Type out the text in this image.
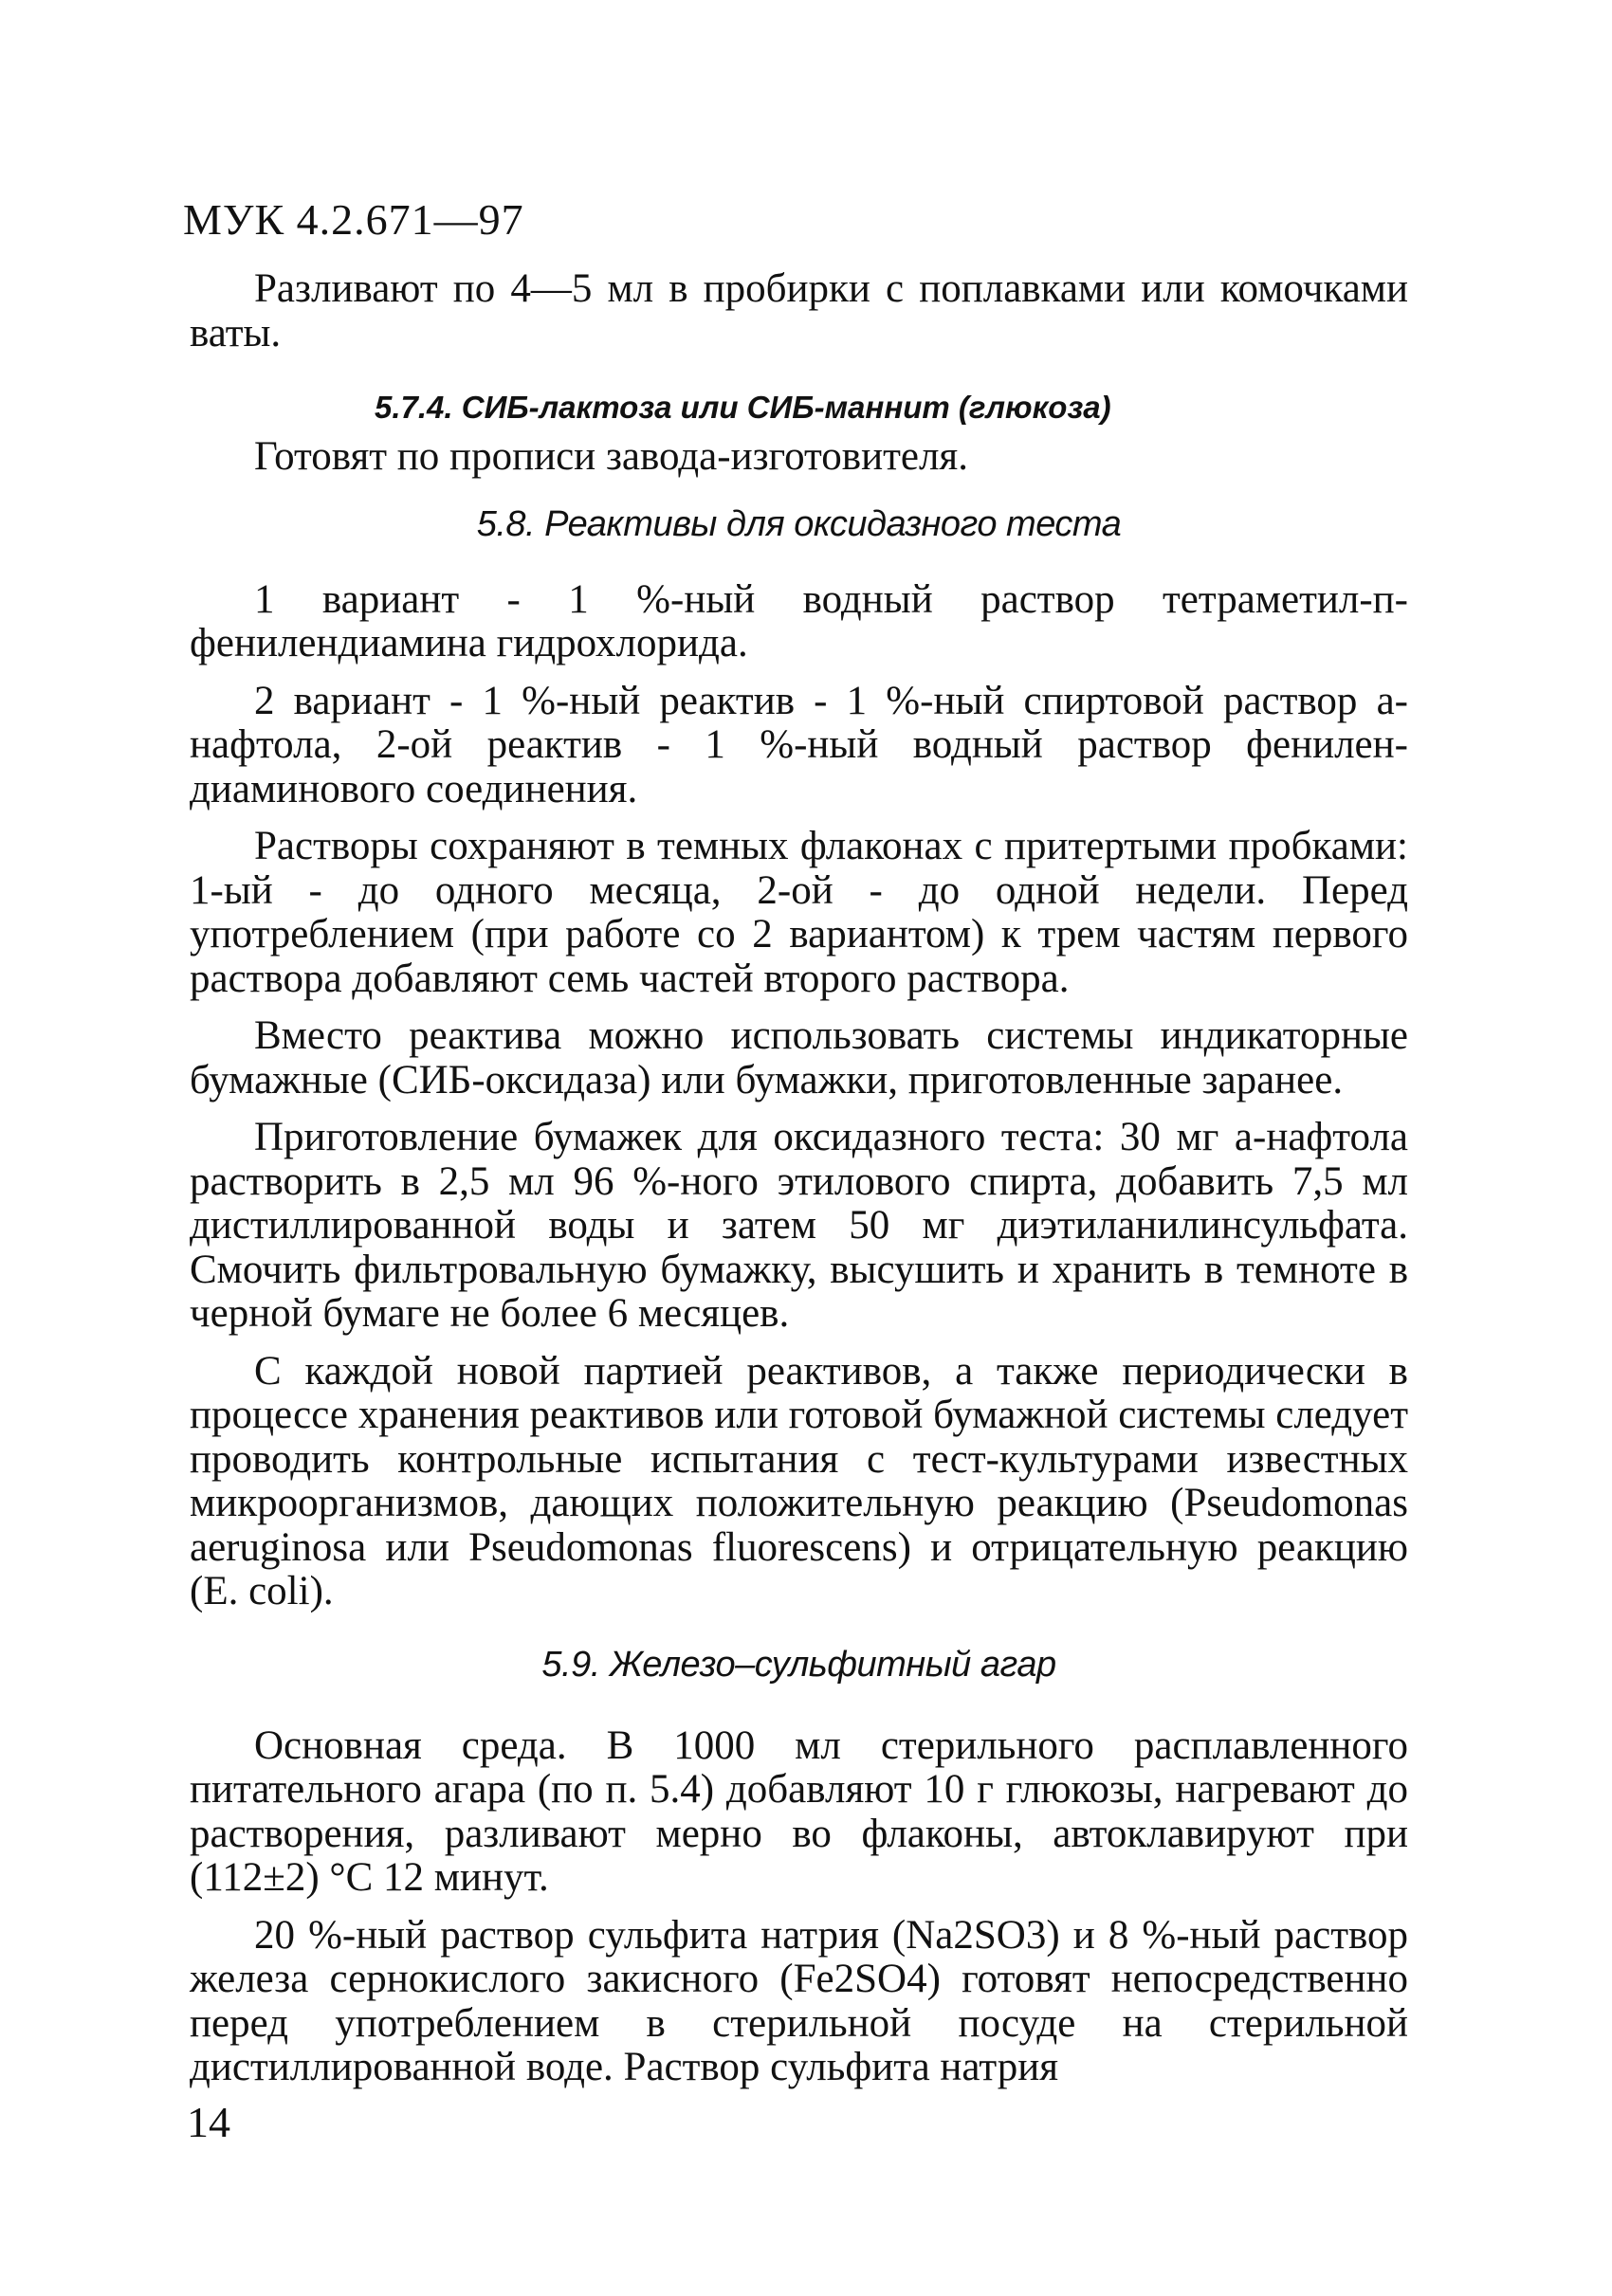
МУК 4.2.671—97

Разливают по 4—5 мл в пробирки с поплавками или комочками ваты.

5.7.4. СИБ-лактоза или СИБ-маннит (глюкоза)

Готовят по прописи завода-изготовителя.

5.8. Реактивы для оксидазного теста

1 вариант - 1 %-ный водный раствор тетраметил-п-фенилендиамина гидрохлорида.

2 вариант - 1 %-ный реактив - 1 %-ный спиртовой раствор а-нафтола, 2-ой реактив - 1 %-ный водный раствор фенилендиаминового соединения.

Растворы сохраняют в темных флаконах с притертыми пробками: 1-ый - до одного месяца, 2-ой - до одной недели. Перед употреблением (при работе со 2 вариантом) к трем частям первого раствора добавляют семь частей второго раствора.

Вместо реактива можно использовать системы индикаторные бумажные (СИБ-оксидаза) или бумажки, приготовленные заранее.

Приготовление бумажек для оксидазного теста: 30 мг а-нафтола растворить в 2,5 мл 96 %-ного этилового спирта, добавить 7,5 мл дистиллированной воды и затем 50 мг диэтиланилинсульфата. Смочить фильтровальную бумажку, высушить и хранить в темноте в черной бумаге не более 6 месяцев.

С каждой новой партией реактивов, а также периодически в процессе хранения реактивов или готовой бумажной системы следует проводить контрольные испытания с тест-культурами известных микроорганизмов, дающих положительную реакцию (Pseudomonas aeruginosa или Pseudomonas fluorescens) и отрицательную реакцию (E. coli).

5.9. Железо–сульфитный агар

Основная среда. В 1000 мл стерильного расплавленного питательного агара (по п. 5.4) добавляют 10 г глюкозы, нагревают до растворения, разливают мерно во флаконы, автоклавируют при (112±2) °С 12 минут.

20 %-ный раствор сульфита натрия (Na2SO3) и 8 %-ный раствор железа сернокислого закисного (Fe2SO4) готовят непосредственно перед употреблением в стерильной посуде на стерильной дистиллированной воде. Раствор сульфита натрия

14
